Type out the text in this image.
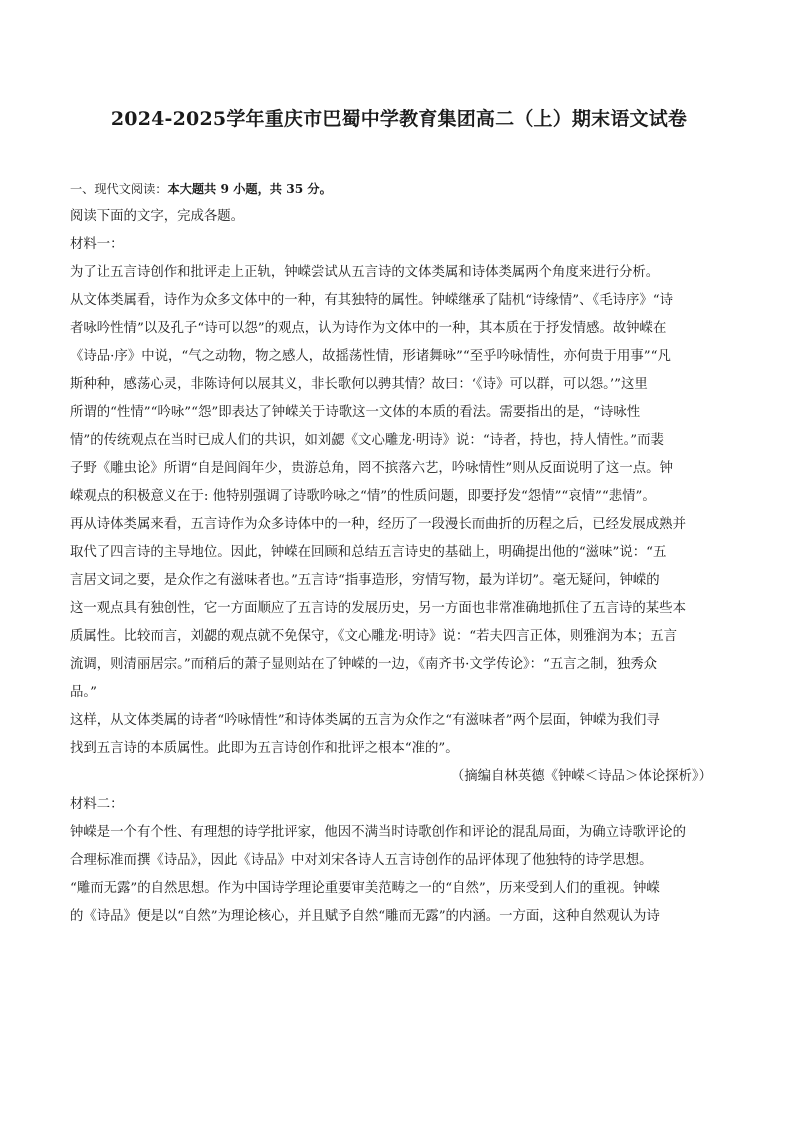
2024-2025学年重庆市巴蜀中学教育集团高二（上）期末语文试卷

一、现代文阅读：本大题共 9 小题，共 35 分。

阅读下面的文字，完成各题。

材料一：

为了让五言诗创作和批评走上正轨，钟嵘尝试从五言诗的文体类属和诗体类属两个角度来进行分析。

从文体类属看，诗作为众多文体中的一种，有其独特的属性。钟嵘继承了陆机“诗缘情”、《毛诗序》“诗

者咏吟性情”以及孔子“诗可以怨”的观点，认为诗作为文体中的一种，其本质在于抒发情感。故钟嵘在

《诗品·序》中说，“气之动物，物之感人，故摇荡性情，形诸舞咏”“至乎吟咏情性，亦何贵于用事”“凡

斯种种，感荡心灵，非陈诗何以展其义，非长歌何以骋其情？故曰：‘《诗》可以群，可以怨。’”这里

所谓的“性情”“吟咏”“怨”即表达了钟嵘关于诗歌这一文体的本质的看法。需要指出的是，“诗咏性

情”的传统观点在当时已成人们的共识，如刘勰《文心雕龙·明诗》说：“诗者，持也，持人情性。”而裴

子野《雕虫论》所谓“自是闾阎年少，贵游总角，罔不摈落六艺，吟咏情性”则从反面说明了这一点。钟

嵘观点的积极意义在于: 他特别强调了诗歌吟咏之“情”的性质问题，即要抒发“怨情”“哀情”“悲情”。

再从诗体类属来看，五言诗作为众多诗体中的一种，经历了一段漫长而曲折的历程之后，已经发展成熟并

取代了四言诗的主导地位。因此，钟嵘在回顾和总结五言诗史的基础上，明确提出他的“滋味”说：“五

言居文词之要，是众作之有滋味者也。”五言诗“指事造形，穷情写物，最为详切”。毫无疑问，钟嵘的

这一观点具有独创性，它一方面顺应了五言诗的发展历史，另一方面也非常准确地抓住了五言诗的某些本

质属性。比较而言，刘勰的观点就不免保守，《文心雕龙·明诗》说：“若夫四言正体，则雅润为本；五言

流调，则清丽居宗。”而稍后的萧子显则站在了钟嵘的一边，《南齐书·文学传论》：“五言之制，独秀众

品。”

这样，从文体类属的诗者“吟咏情性”和诗体类属的五言为众作之“有滋味者”两个层面，钟嵘为我们寻

找到五言诗的本质属性。此即为五言诗创作和批评之根本“准的”。

（摘编自林英德《钟嵘＜诗品＞体论探析》）

材料二：

钟嵘是一个有个性、有理想的诗学批评家，他因不满当时诗歌创作和评论的混乱局面，为确立诗歌评论的

合理标准而撰《诗品》，因此《诗品》中对刘宋各诗人五言诗创作的品评体现了他独特的诗学思想。

“雕而无露”的自然思想。作为中国诗学理论重要审美范畴之一的“自然”，历来受到人们的重视。钟嵘

的《诗品》便是以“自然”为理论核心，并且赋予自然“雕而无露”的内涵。一方面，这种自然观认为诗
